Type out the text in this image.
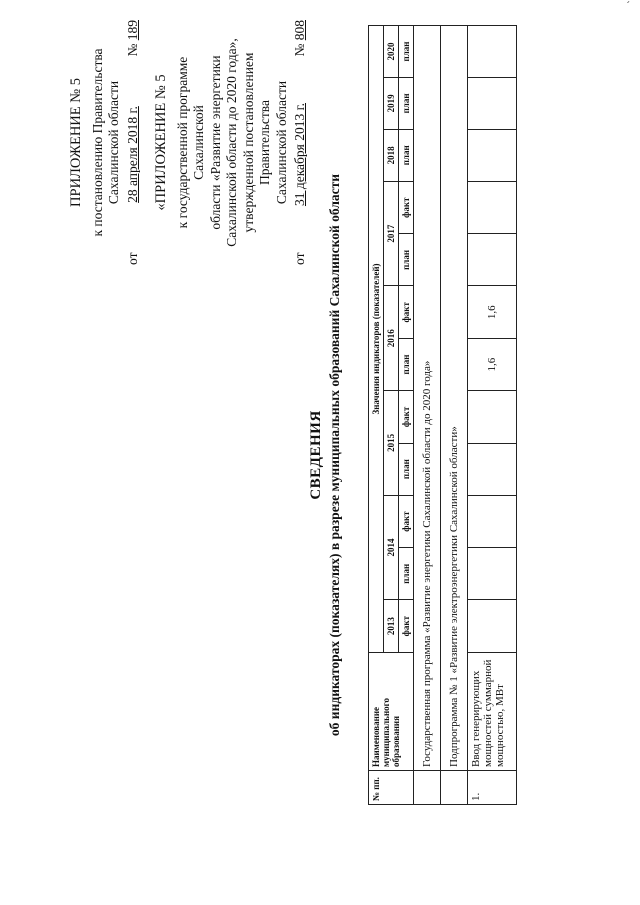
´
ПРИЛОЖЕНИЕ № 5 к постановлению Правительства Сахалинской области
от
28 апреля 2018 г.
№ 189
«ПРИЛОЖЕНИЕ № 5 к государственной программе Сахалинской области «Развитие энергетики Сахалинской области до 2020 года», утвержденной постановлением Правительства Сахалинской области
от
31 декабря 2013 г.
№ 808
СВЕДЕНИЯ об индикаторах (показателях) в разрезе муниципальных образований Сахалинской области
№ пп.	Наименование муниципального образования	Значения индикаторов (показателей)											
		2013	2014		2015		2016		2017		2018	2019	2020
		факт	план	факт	план	факт	план	факт	план	факт	план	план	план
	Государственная программа «Развитие энергетики Сахалинской области до 2020 года»												
	Подпрограмма № 1 «Развитие электроэнергетики Сахалинской области»												
1.	Ввод генерирующих мощностей суммарной мощностью, МВт						1,6	1,6					
